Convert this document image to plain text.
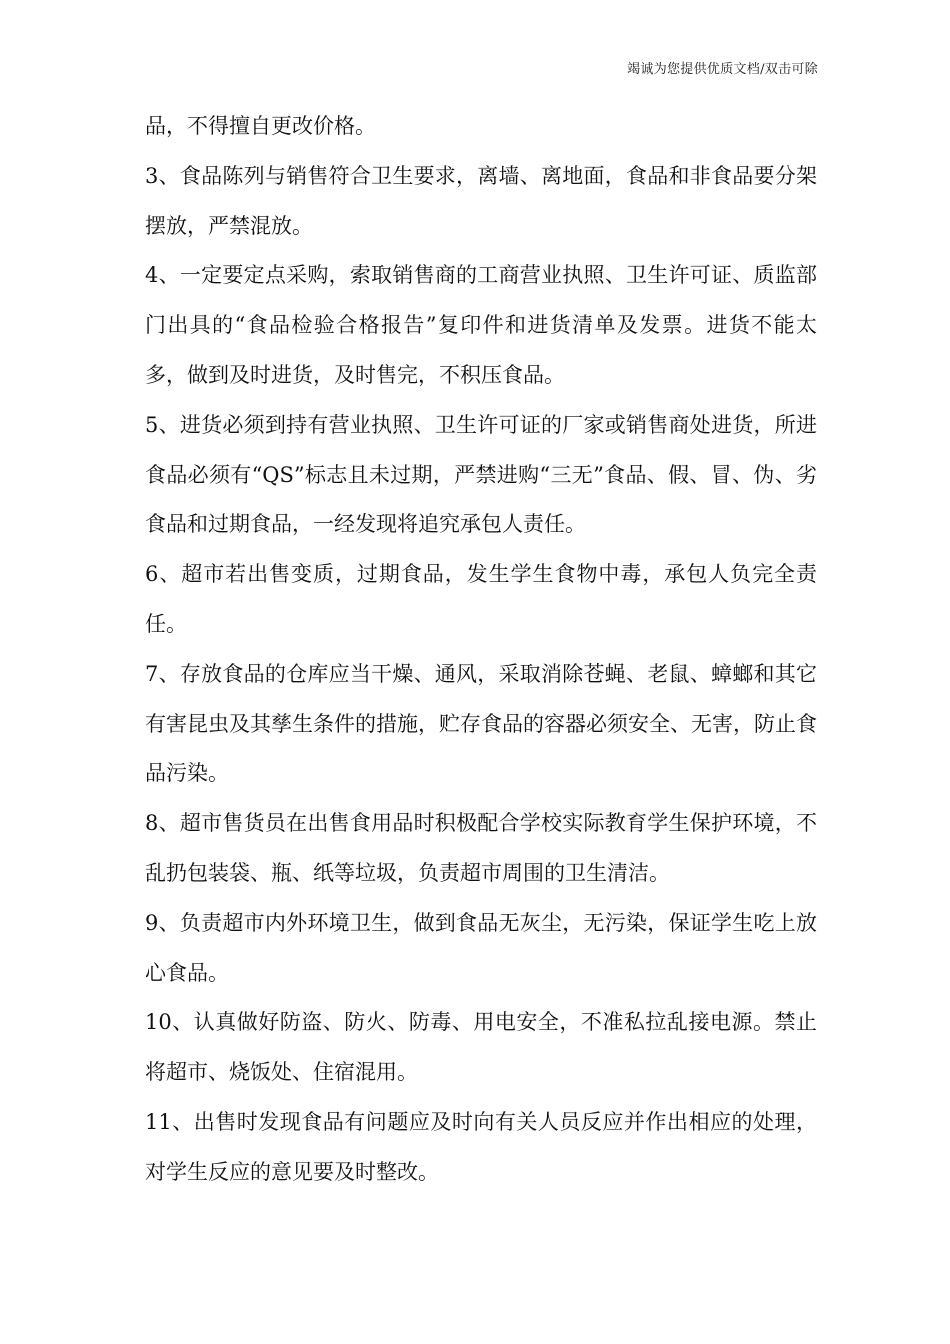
竭诚为您提供优质文档/双击可除

品，不得擅自更改价格。

3、食品陈列与销售符合卫生要求，离墙、离地面，食品和非食品要分架摆放，严禁混放。

4、一定要定点采购，索取销售商的工商营业执照、卫生许可证、质监部门出具的“食品检验合格报告”复印件和进货清单及发票。进货不能太多，做到及时进货，及时售完，不积压食品。

5、进货必须到持有营业执照、卫生许可证的厂家或销售商处进货，所进食品必须有“QS”标志且未过期，严禁进购“三无”食品、假、冒、伪、劣食品和过期食品，一经发现将追究承包人责任。

6、超市若出售变质，过期食品，发生学生食物中毒，承包人负完全责任。

7、存放食品的仓库应当干燥、通风，采取消除苍蝇、老鼠、蟑螂和其它有害昆虫及其孳生条件的措施，贮存食品的容器必须安全、无害，防止食品污染。

8、超市售货员在出售食用品时积极配合学校实际教育学生保护环境，不乱扔包装袋、瓶、纸等垃圾，负责超市周围的卫生清洁。

9、负责超市内外环境卫生，做到食品无灰尘，无污染，保证学生吃上放心食品。

10、认真做好防盗、防火、防毒、用电安全，不准私拉乱接电源。禁止将超市、烧饭处、住宿混用。

11、出售时发现食品有问题应及时向有关人员反应并作出相应的处理，对学生反应的意见要及时整改。
